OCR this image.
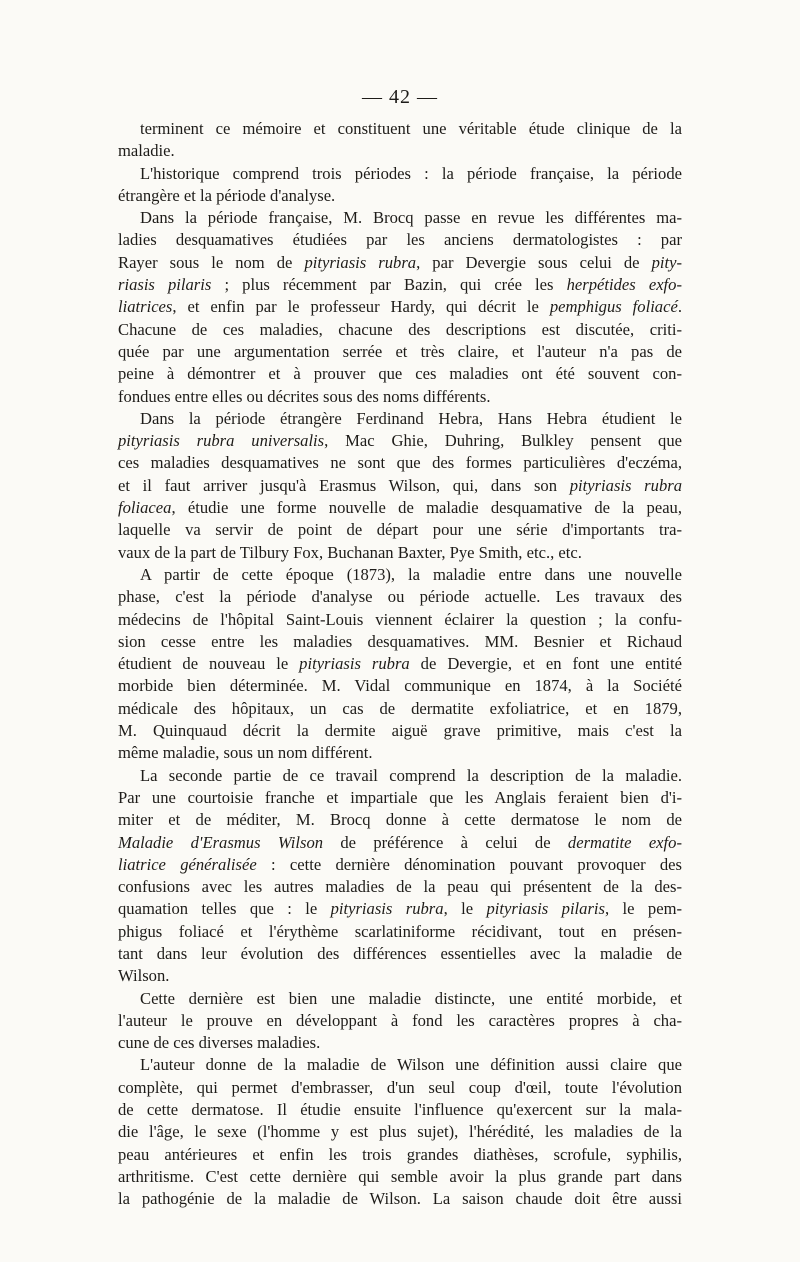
— 42 —
terminent ce mémoire et constituent une véritable étude clinique de la
maladie.
L'historique comprend trois périodes : la période française, la période
étrangère et la période d'analyse.
Dans la période française, M. Brocq passe en revue les différentes ma-
ladies desquamatives étudiées par les anciens dermatologistes : par
Rayer sous le nom de pityriasis rubra, par Devergie sous celui de pity-
riasis pilaris ; plus récemment par Bazin, qui crée les herpétides exfo-
liatrices, et enfin par le professeur Hardy, qui décrit le pemphigus foliacé.
Chacune de ces maladies, chacune des descriptions est discutée, criti-
quée par une argumentation serrée et très claire, et l'auteur n'a pas de
peine à démontrer et à prouver que ces maladies ont été souvent con-
fondues entre elles ou décrites sous des noms différents.
Dans la période étrangère Ferdinand Hebra, Hans Hebra étudient le
pityriasis rubra universalis, Mac Ghie, Duhring, Bulkley pensent que
ces maladies desquamatives ne sont que des formes particulières d'eczéma,
et il faut arriver jusqu'à Erasmus Wilson, qui, dans son pityriasis rubra
foliacea, étudie une forme nouvelle de maladie desquamative de la peau,
laquelle va servir de point de départ pour une série d'importants tra-
vaux de la part de Tilbury Fox, Buchanan Baxter, Pye Smith, etc., etc.
A partir de cette époque (1873), la maladie entre dans une nouvelle
phase, c'est la période d'analyse ou période actuelle. Les travaux des
médecins de l'hôpital Saint-Louis viennent éclairer la question ; la confu-
sion cesse entre les maladies desquamatives. MM. Besnier et Richaud
étudient de nouveau le pityriasis rubra de Devergie, et en font une entité
morbide bien déterminée. M. Vidal communique en 1874, à la Société
médicale des hôpitaux, un cas de dermatite exfoliatrice, et en 1879,
M. Quinquaud décrit la dermite aiguë grave primitive, mais c'est la
même maladie, sous un nom différent.
La seconde partie de ce travail comprend la description de la maladie.
Par une courtoisie franche et impartiale que les Anglais feraient bien d'i-
miter et de méditer, M. Brocq donne à cette dermatose le nom de
Maladie d'Erasmus Wilson de préférence à celui de dermatite exfo-
liatrice généralisée : cette dernière dénomination pouvant provoquer des
confusions avec les autres maladies de la peau qui présentent de la des-
quamation telles que : le pityriasis rubra, le pityriasis pilaris, le pem-
phigus foliacé et l'érythème scarlatiniforme récidivant, tout en présen-
tant dans leur évolution des différences essentielles avec la maladie de
Wilson.
Cette dernière est bien une maladie distincte, une entité morbide, et
l'auteur le prouve en développant à fond les caractères propres à cha-
cune de ces diverses maladies.
L'auteur donne de la maladie de Wilson une définition aussi claire que
complète, qui permet d'embrasser, d'un seul coup d'œil, toute l'évolution
de cette dermatose. Il étudie ensuite l'influence qu'exercent sur la mala-
die l'âge, le sexe (l'homme y est plus sujet), l'hérédité, les maladies de la
peau antérieures et enfin les trois grandes diathèses, scrofule, syphilis,
arthritisme. C'est cette dernière qui semble avoir la plus grande part dans
la pathogénie de la maladie de Wilson. La saison chaude doit être aussi
